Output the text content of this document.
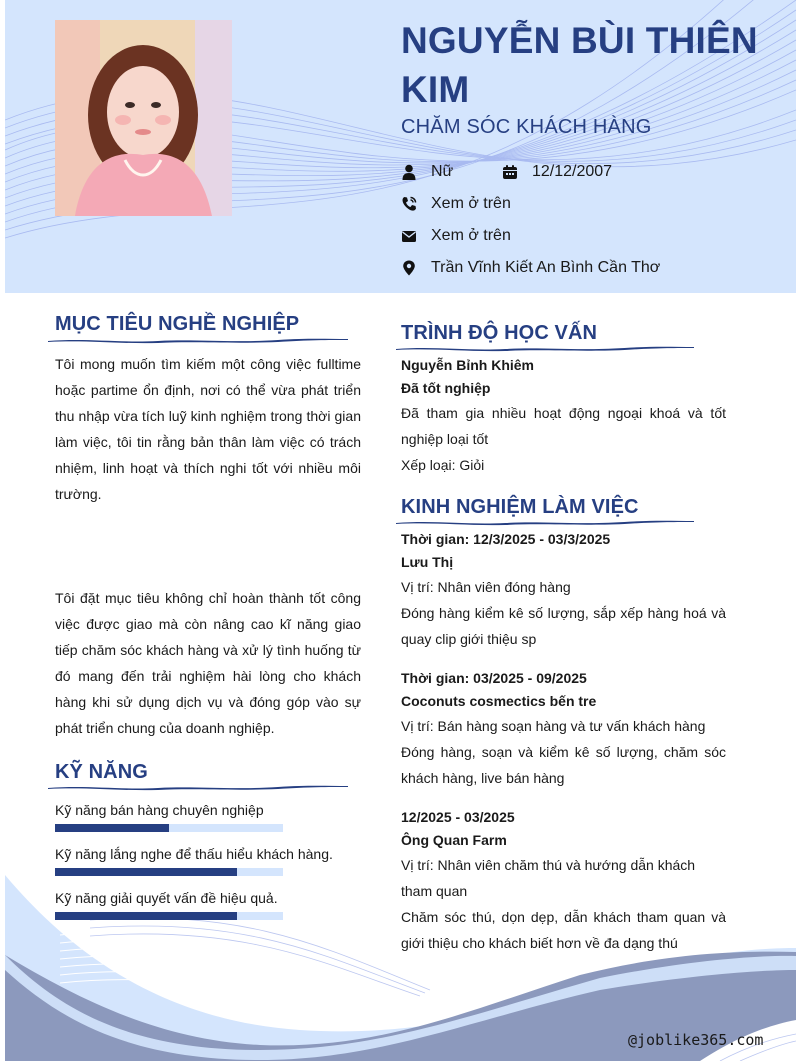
NGUYỄN BÙI THIÊN KIM
CHĂM SÓC KHÁCH HÀNG
Nữ	12/12/2007
Xem ở trên
Xem ở trên
Trần Vĩnh Kiết An Bình Cần Thơ
MỤC TIÊU NGHỀ NGHIỆP
Tôi mong muốn tìm kiếm một công việc fulltime hoặc partime ổn định, nơi có thể vừa phát triển thu nhập vừa tích luỹ kinh nghiệm trong thời gian làm việc, tôi tin rằng bản thân làm việc có trách nhiệm, linh hoạt và thích nghi tốt với nhiều môi trường.
Tôi đặt mục tiêu không chỉ hoàn thành tốt công việc được giao mà còn nâng cao kĩ năng giao tiếp chăm sóc khách hàng và xử lý tình huống từ đó mang đến trải nghiệm hài lòng cho khách hàng khi sử dụng dịch vụ và đóng góp vào sự phát triển chung của doanh nghiệp.
KỸ NĂNG
Kỹ năng bán hàng chuyên nghiệp
Kỹ năng lắng nghe để thấu hiểu khách hàng.
Kỹ năng giải quyết vấn đề hiệu quả.
TRÌNH ĐỘ HỌC VẤN
Nguyễn Bỉnh Khiêm
Đã tốt nghiệp
Đã tham gia nhiều hoạt động ngoại khoá và tốt nghiệp loại tốt
Xếp loại: Giỏi
KINH NGHIỆM LÀM VIỆC
Thời gian: 12/3/2025 - 03/3/2025
Lưu Thị
Vị trí: Nhân viên đóng hàng
Đóng hàng kiểm kê số lượng, sắp xếp hàng hoá và quay clip giới thiệu sp
Thời gian: 03/2025 - 09/2025
Coconuts cosmectics bến tre
Vị trí: Bán hàng soạn hàng và tư vấn khách hàng
Đóng hàng, soạn và kiểm kê số lượng, chăm sóc khách hàng, live bán hàng
12/2025 - 03/2025
Ông Quan Farm
Vị trí: Nhân viên chăm thú và hướng dẫn khách tham quan
Chăm sóc thú, dọn dẹp, dẫn khách tham quan và giới thiệu cho khách biết hơn về đa dạng thú
@joblike365.com
